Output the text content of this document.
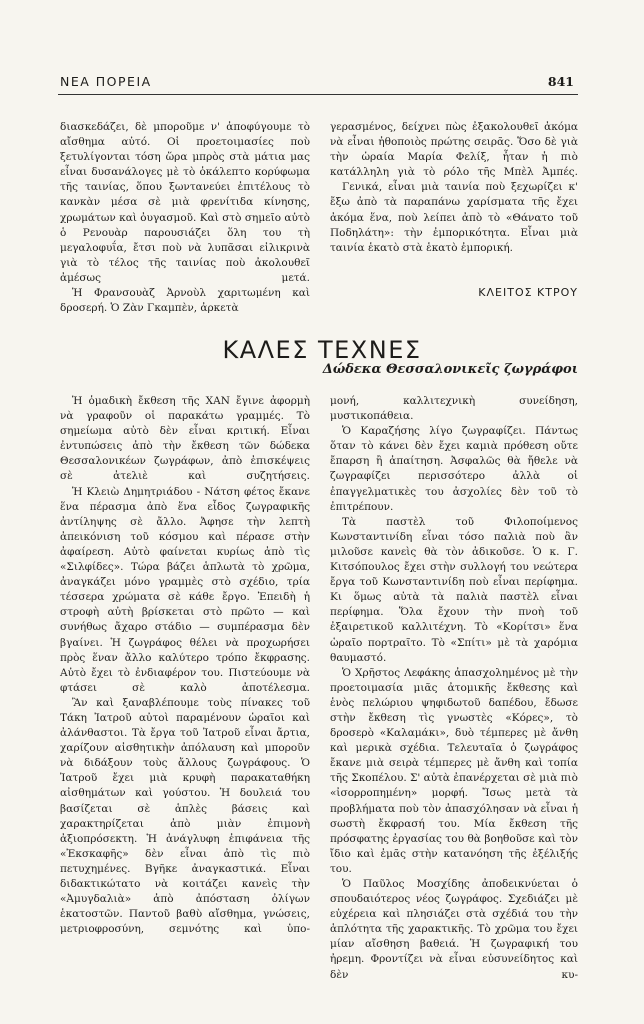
ΝΕΑ ΠΟΡΕΙΑ	841

διασκεδάζει, δὲ μποροῦμε ν' ἀποφύγουμε τὸ αἴσθημα αὐτό. Οἱ προετοιμασίες ποὺ ξετυλίγονται τόση ὥρα μπρὸς στὰ μάτια μας εἶναι δυσανάλογες μὲ τὸ ὁκάλεπτο κορύφωμα τῆς ταινίας, ὅπου ξωντανεύει ἐπιτέλους τὸ κανκὰν μέσα σὲ μιὰ φρενίτιδα κίνησης, χρωμάτων καὶ ὀυγασμοῦ. Καὶ στὸ σημεῖο αὐτὸ ὁ Ρενουὰρ παρουσιάζει ὅλη του τὴ μεγαλοφυΐα, ἔτσι ποὺ νὰ λυπᾶσαι εἰλικρινὰ γιὰ τὸ τέλος τῆς ταινίας ποὺ ἀκολουθεῖ ἀμέσως μετά.

Ἡ Φρανσουὰζ Ἀρνοὺλ χαριτωμένη καὶ δροσερή. Ὁ Ζὰν Γκαμπὲν, ἀρκετὰ

γερασμένος, δείχνει πὼς ἐξακολουθεῖ ἀκόμα νὰ εἶναι ἠθοποιὸς πρώτης σειρᾶς. Ὅσο δὲ γιὰ τὴν ὡραία Μαρία Φελίξ, ἦταν ἡ πιὸ κατάλληλη γιὰ τὸ ρόλο τῆς Μπὲλ Ἀμπές.

Γενικά, εἶναι μιὰ ταινία ποὺ ξεχωρίζει κ' ἔξω ἀπὸ τὰ παραπάνω χαρίσματα τῆς ἔχει ἀκόμα ἕνα, ποὺ λείπει ἀπὸ τὸ «Θάνατο τοῦ Ποδηλάτη»: τὴν ἐμπορικότητα. Εἶναι μιὰ ταινία ἑκατὸ στὰ ἑκατὸ ἐμπορική.

ΚΛΕΙΤΟΣ ΚΤΡΟΥ
ΚΑΛΕΣ ΤΕΧΝΕΣ
Δώδεκα Θεσσαλονικεῖς ζωγράφοι

Ἡ ὁμαδικὴ ἔκθεση τῆς ΧΑΝ ἔγινε ἀφορμὴ νὰ γραφοῦν οἱ παρακάτω γραμμές. Τὸ σημείωμα αὐτὸ δὲν εἶναι κριτική. Εἶναι ἐντυπώσεις ἀπὸ τὴν ἔκθεση τῶν δώδεκα Θεσσαλονικέων ζωγράφων, ἀπὸ ἐπισκέψεις σὲ ἀτελιὲ καὶ συζητήσεις.

Ἡ Κλειὼ Δημητριάδου - Νάτση φέτος ἔκανε ἕνα πέρασμα ἀπὸ ἕνα εἶδος ζωγραφικῆς ἀντίληψης σὲ ἄλλο. Ἀφησε τὴν λεπτὴ ἀπεικόνιση τοῦ κόσμου καὶ πέρασε στὴν ἀφαίρεση. Αὐτὸ φαίνεται κυρίως ἀπὸ τὶς «Σιλφίδες». Τώρα βάζει ἁπλωτὰ τὸ χρῶμα, ἀναγκάζει μόνο γραμμὲς στὸ σχέδιο, τρία τέσσερα χρώματα σὲ κάθε ἔργο. Ἐπειδὴ ἡ στροφὴ αὐτὴ βρίσκεται στὸ πρῶτο — καὶ συνήθως ἄχαρο στάδιο — συμπέρασμα δὲν βγαίνει. Ἡ ζωγράφος θέλει νὰ προχωρήσει πρὸς ἕναν ἄλλο καλύτερο τρόπο ἔκφρασης. Αὐτὸ ἔχει τὸ ἐνδιαφέρον του. Πιστεύουμε νὰ φτάσει σὲ καλὸ ἀποτέλεσμα.

Ἂν καὶ ξαναβλέπουμε τοὺς πίνακες τοῦ Τάκη Ἰατροῦ αὐτοὶ παραμένουν ὡραῖοι καὶ ἀλάνθαστοι. Τὰ ἔργα τοῦ Ἰατροῦ εἶναι ἄρτια, χαρίζουν αἰσθητικὴν ἀπόλαυση καὶ μποροῦν νὰ διδάξουν τοὺς ἄλλους ζωγράφους. Ὁ Ἰατροῦ ἔχει μιὰ κρυφὴ παρακαταθήκη αἰσθημάτων καὶ γούστου. Ἡ δουλειά του βασίζεται σὲ ἁπλὲς βάσεις καὶ χαρακτηρίζεται ἀπὸ μιὰν ἐπιμονὴ ἀξιοπρόσεκτη. Ἡ ἀνάγλυφη ἐπιφάνεια τῆς «Ἐκσκαφῆς» δὲν εἶναι ἀπὸ τὶς πιὸ πετυχημένες. Βγῆκε ἀναγκαστικά. Εἶναι διδακτικώτατο νὰ κοιτάζει κανεὶς τὴν «Ἀμυγδαλιὰ» ἀπὸ ἀπόσταση ὀλίγων ἑκατοστῶν. Παντοῦ βαθὺ αἴσθημα, γνώσεις, μετριοφροσύνη, σεμνότης καὶ ὑπο-

μονή, καλλιτεχνικὴ συνείδηση, μυστικοπάθεια.

Ὁ Καραζήσης λίγο ζωγραφίζει. Πάντως ὅταν τὸ κάνει δὲν ἔχει καμιὰ πρόθεση οὔτε ἔπαρση ἢ ἀπαίτηση. Ἀσφαλῶς θὰ ἤθελε νὰ ζωγραφίζει περισσότερο ἀλλὰ οἱ ἐπαγγελματικὲς του ἀσχολίες δὲν τοῦ τὸ ἐπιτρέπουν.

Τὰ παστὲλ τοῦ Φιλοποίμενος Κωνσταντινίδη εἶναι τόσο παλιὰ ποὺ ἂν μιλοῦσε κανεὶς θὰ τὸν ἀδικοῦσε. Ὁ κ. Γ. Κιτσόπουλος ἔχει στὴν συλλογή του νεώτερα ἔργα τοῦ Κωνσταντινίδη ποὺ εἶναι περίφημα. Κι ὅμως αὐτὰ τὰ παλιὰ παστὲλ εἶναι περίφημα. Ὅλα ἔχουν τὴν πνοὴ τοῦ ἐξαιρετικοῦ καλλιτέχνη. Τὸ «Κορίτσι» ἕνα ὡραῖο πορτραῖτο. Τὸ «Σπίτι» μὲ τὰ χαρόμια θαυμαστό.

Ὁ Χρῆστος Λεφάκης ἀπασχολημένος μὲ τὴν προετοιμασία μιᾶς ἀτομικῆς ἔκθεσης καὶ ἑνὸς πελώριου ψηφιδωτοῦ δαπέδου, ἔδωσε στὴν ἔκθεση τὶς γνωστὲς «Κόρες», τὸ δροσερὸ «Καλαμάκι», δυὸ τέμπερες μὲ ἄνθη καὶ μερικὰ σχέδια. Τελευταῖα ὁ ζωγράφος ἔκανε μιὰ σειρὰ τέμπερες μὲ ἄνθη καὶ τοπία τῆς Σκοπέλου. Σ' αὐτὰ ἐπανέρχεται σὲ μιὰ πιὸ «ἰσορροπημένη» μορφή. Ἴσως μετὰ τὰ προβλήματα ποὺ τὸν ἀπασχόλησαν νὰ εἶναι ἡ σωστὴ ἔκφρασή του. Μία ἔκθεση τῆς πρόσφατης ἐργασίας του θὰ βοηθοῦσε καὶ τὸν ἴδιο καὶ ἐμᾶς στὴν κατανόηση τῆς ἐξέλιξής του.

Ὁ Παῦλος Μοσχίδης ἀποδεικνύεται ὁ σπουδαιότερος νέος ζωγράφος. Σχεδιάζει μὲ εὐχέρεια καὶ πλησιάζει στὰ σχέδιά του τὴν ἁπλότητα τῆς χαρακτικῆς. Τὸ χρῶμα του ἔχει μίαν αἴσθηση βαθειά. Ἡ ζωγραφική του ἠρεμη. Φροντίζει νὰ εἶναι εὐσυνείδητος καὶ δὲν κυ-
